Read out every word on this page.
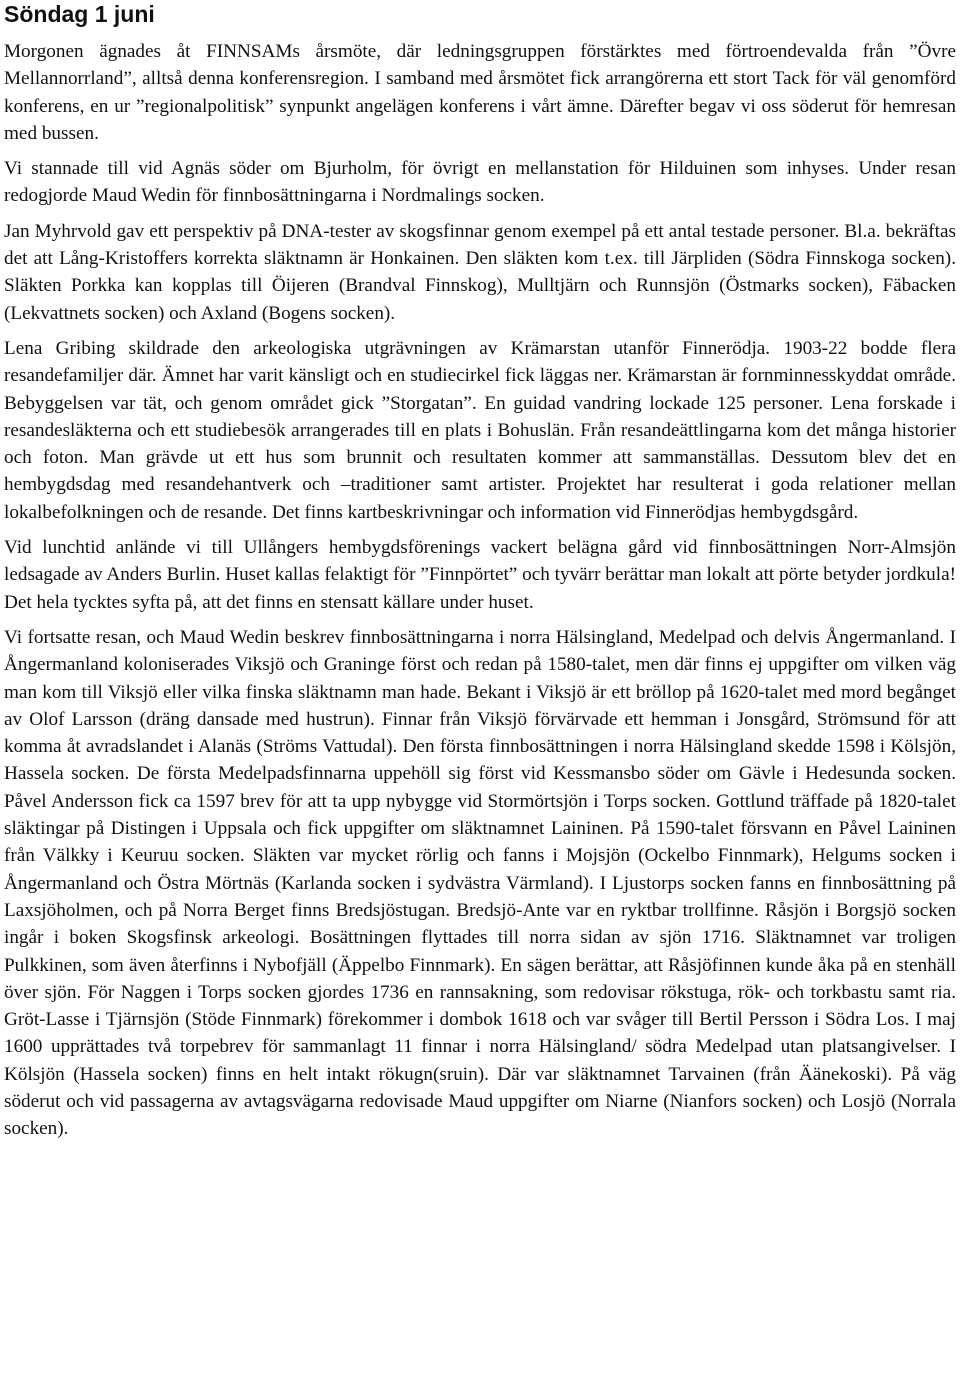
Söndag 1 juni

Morgonen ägnades åt FINNSAMs årsmöte, där ledningsgruppen förstärktes med förtroendevalda från ”Övre Mellannorrland”, alltså denna konferensregion. I samband med årsmötet fick arrangörerna ett stort Tack för väl genomförd konferens, en ur ”regionalpolitisk” synpunkt angelägen konferens i vårt ämne. Därefter begav vi oss söderut för hemresan med bussen.

Vi stannade till vid Agnäs söder om Bjurholm, för övrigt en mellanstation för Hilduinen som inhyses. Under resan redogjorde Maud Wedin för finnbosättningarna i Nordmalings socken.

Jan Myhrvold gav ett perspektiv på DNA-tester av skogsfinnar genom exempel på ett antal testade personer. Bl.a. bekräftas det att Lång-Kristoffers korrekta släktnamn är Honkainen. Den släkten kom t.ex. till Järpliden (Södra Finnskoga socken). Släkten Porkka kan kopplas till Öijeren (Brandval Finnskog), Mulltjärn och Runnsjön (Östmarks socken), Fäbacken (Lekvattnets socken) och Axland (Bogens socken).

Lena Gribing skildrade den arkeologiska utgrävningen av Krämarstan utanför Finnerödja. 1903-22 bodde flera resandefamiljer där. Ämnet har varit känsligt och en studiecirkel fick läggas ner. Krämarstan är fornminnesskyddat område. Bebyggelsen var tät, och genom området gick ”Storgatan”. En guidad vandring lockade 125 personer. Lena forskade i resandesläkterna och ett studiebesök arrangerades till en plats i Bohuslän. Från resandeättlingarna kom det många historier och foton. Man grävde ut ett hus som brunnit och resultaten kommer att sammanställas. Dessutom blev det en hembygdsdag med resandehantverk och –traditioner samt artister. Projektet har resulterat i goda relationer mellan lokalbefolkningen och de resande. Det finns kartbeskrivningar och information vid Finnerödjas hembygdsgård.

Vid lunchtid anlände vi till Ullångers hembygdsförenings vackert belägna gård vid finnbosättningen Norr-Almsjön ledsagade av Anders Burlin. Huset kallas felaktigt för ”Finnpörtet” och tyvärr berättar man lokalt att pörte betyder jordkula! Det hela tycktes syfta på, att det finns en stensatt källare under huset.

Vi fortsatte resan, och Maud Wedin beskrev finnbosättningarna i norra Hälsingland, Medelpad och delvis Ångermanland. I Ångermanland koloniserades Viksjö och Graninge först och redan på 1580-talet, men där finns ej uppgifter om vilken väg man kom till Viksjö eller vilka finska släktnamn man hade. Bekant i Viksjö är ett bröllop på 1620-talet med mord begånget av Olof Larsson (dräng dansade med hustrun). Finnar från Viksjö förvärvade ett hemman i Jonsgård, Strömsund för att komma åt avradslandet i Alanäs (Ströms Vattudal). Den första finnbosättningen i norra Hälsingland skedde 1598 i Kölsjön, Hassela socken. De första Medelpadsfinnarna uppehöll sig först vid Kessmansbo söder om Gävle i Hedesunda socken. Påvel Andersson fick ca 1597 brev för att ta upp nybygge vid Stormörtsjön i Torps socken. Gottlund träffade på 1820-talet släktingar på Distingen i Uppsala och fick uppgifter om släktnamnet Laininen. På 1590-talet försvann en Påvel Laininen från Välkky i Keuruu socken. Släkten var mycket rörlig och fanns i Mojsjön (Ockelbo Finnmark), Helgums socken i Ångermanland och Östra Mörtnäs (Karlanda socken i sydvästra Värmland). I Ljustorps socken fanns en finnbosättning på Laxsjöholmen, och på Norra Berget finns Bredsjöstugan. Bredsjö-Ante var en ryktbar trollfinne. Råsjön i Borgsjö socken ingår i boken Skogsfinsk arkeologi. Bosättningen flyttades till norra sidan av sjön 1716. Släktnamnet var troligen Pulkkinen, som även återfinns i Nybofjäll (Äppelbo Finnmark). En sägen berättar, att Råsjöfinnen kunde åka på en stenhäll över sjön. För Naggen i Torps socken gjordes 1736 en rannsakning, som redovisar rökstuga, rök- och torkbastu samt ria. Gröt-Lasse i Tjärnsjön (Stöde Finnmark) förekommer i dombok 1618 och var svåger till Bertil Persson i Södra Los. I maj 1600 upprättades två torpebrev för sammanlagt 11 finnar i norra Hälsingland/ södra Medelpad utan platsangivelser. I Kölsjön (Hassela socken) finns en helt intakt rökugn(sruin). Där var släktnamnet Tarvainen (från Äänekoski). På väg söderut och vid passagerna av avtagsvägarna redovisade Maud uppgifter om Niarne (Nianfors socken) och Losjö (Norrala socken).
